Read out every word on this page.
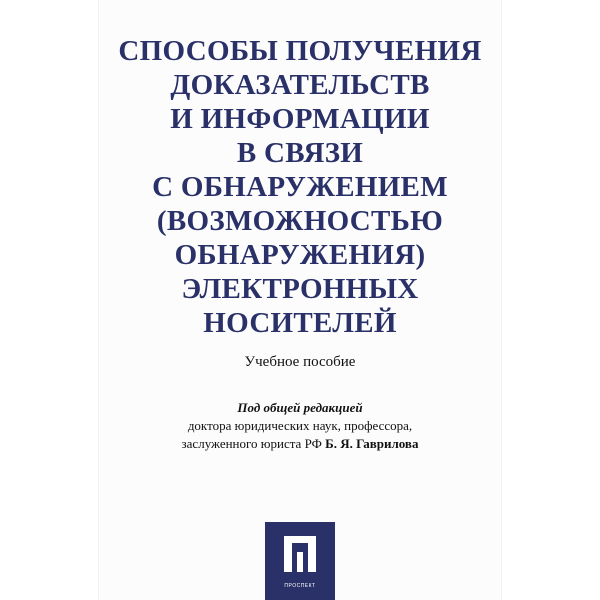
СПОСОБЫ ПОЛУЧЕНИЯ
ДОКАЗАТЕЛЬСТВ
И ИНФОРМАЦИИ
В СВЯЗИ
С ОБНАРУЖЕНИЕМ
(ВОЗМОЖНОСТЬЮ
ОБНАРУЖЕНИЯ)
ЭЛЕКТРОННЫХ
НОСИТЕЛЕЙ
Учебное пособие
Под общей редакцией
доктора юридических наук, профессора,
заслуженного юриста РФ Б. Я. Гаврилова
ПРОСПЕКТ
